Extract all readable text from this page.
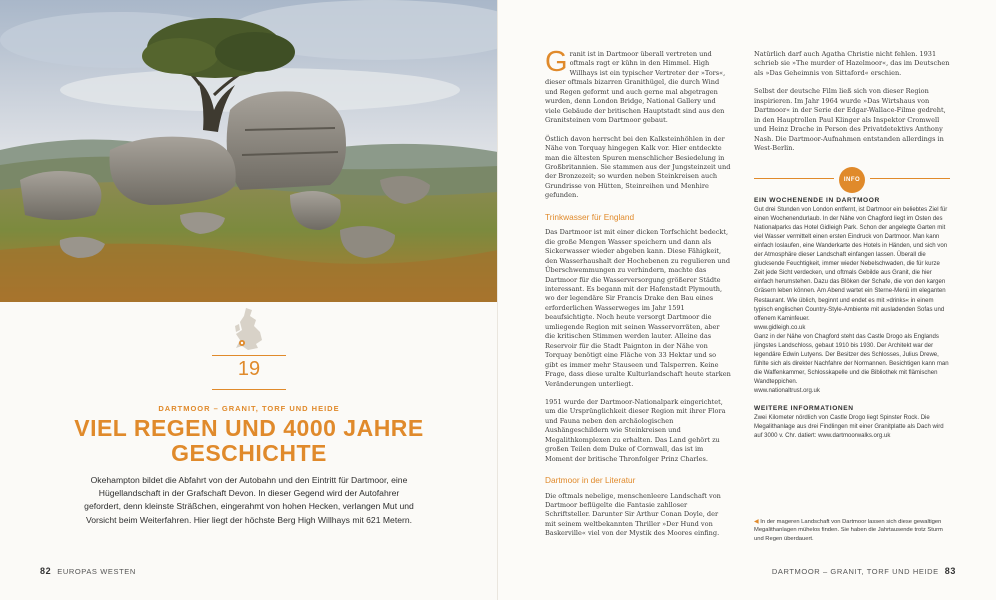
19
DARTMOOR – GRANIT, TORF UND HEIDE
VIEL REGEN UND 4000 JAHRE
GESCHICHTE

Okehampton bildet die Abfahrt von der Autobahn und den Eintritt für Dartmoor, eine Hügellandschaft in der Grafschaft Devon. In dieser Gegend wird der Autofahrer gefordert, denn kleinste Sträßchen, eingerahmt von hohen Hecken, verlangen Mut und Vorsicht beim Weiterfahren. Hier liegt der höchste Berg High Willhays mit 621 Metern.

82 EUROPAS WESTEN

Granit ist in Dartmoor überall vertreten und oftmals ragt er kühn in den Himmel. High Willhays ist ein typischer Vertreter der »Tors«, dieser oftmals bizarren Granithügel, die durch Wind und Regen geformt und auch gerne mal abgetragen wurden, denn London Bridge, National Gallery und viele Gebäude der britischen Hauptstadt sind aus den Granitsteinen vom Dartmoor gebaut.

Östlich davon herrscht bei den Kalksteinhöhlen in der Nähe von Torquay hingegen Kalk vor. Hier entdeckte man die ältesten Spuren menschlicher Besiedelung in Großbritannien. Sie stammen aus der Jungsteinzeit und der Bronzezeit; so wurden neben Steinkreisen auch Grundrisse von Hütten, Steinreihen und Menhire gefunden.

Trinkwasser für England

Das Dartmoor ist mit einer dicken Torfschicht bedeckt, die große Mengen Wasser speichern und dann als Sickerwasser wieder abgeben kann. Diese Fähigkeit, den Wasserhaushalt der Hochebenen zu regulieren und Überschwemmungen zu verhindern, machte das Dartmoor für die Wasserversorgung größerer Städte interessant. Es begann mit der Hafenstadt Plymouth, wo der legendäre Sir Francis Drake den Bau eines erforderlichen Wasserweges im Jahr 1591 beaufsichtigte. Noch heute versorgt Dartmoor die umliegende Region mit seinen Wasservorräten, aber die kritischen Stimmen werden lauter. Alleine das Reservoir für die Stadt Paignton in der Nähe von Torquay benötigt eine Fläche von 33 Hektar und so gibt es immer mehr Stauseen und Talsperren. Keine Frage, dass diese uralte Kulturlandschaft heute starken Veränderungen unterliegt.

1951 wurde der Dartmoor-Nationalpark eingerichtet, um die Ursprünglichkeit dieser Region mit ihrer Flora und Fauna neben den archäologischen Aushängeschildern wie Steinkreisen und Megalithkomplexen zu erhalten. Das Land gehört zu großen Teilen dem Duke of Cornwall, das ist im Moment der britische Thronfolger Prinz Charles.

Dartmoor in der Literatur

Die oftmals nebelige, menschenleere Landschaft von Dartmoor beflügelte die Fantasie zahlloser Schriftsteller. Darunter Sir Arthur Conan Doyle, der mit seinem weltbekannten Thriller »Der Hund von Baskerville« viel von der Mystik des Moores einfing.

Natürlich darf auch Agatha Christie nicht fehlen. 1931 schrieb sie »The murder of Hazelmoor«, das im Deutschen als »Das Geheimnis von Sittaford« erschien.

Selbst der deutsche Film ließ sich von dieser Region inspirieren. Im Jahr 1964 wurde »Das Wirtshaus von Dartmoor« in der Serie der Edgar-Wallace-Filme gedreht, in den Hauptrollen Paul Klinger als Inspektor Cromwell und Heinz Drache in Person des Privatdetektivs Anthony Nash. Die Dartmoor-Aufnahmen entstanden allerdings in West-Berlin.

INFO
EIN WOCHENENDE IN DARTMOOR

Gut drei Stunden von London entfernt, ist Dartmoor ein beliebtes Ziel für einen Wochenendurlaub. In der Nähe von Chagford liegt im Osten des Nationalparks das Hotel Gidleigh Park. Schon der angelegte Garten mit viel Wasser vermittelt einen ersten Eindruck von Dartmoor. Man kann einfach loslaufen, eine Wanderkarte des Hotels in Händen, und sich von der Atmosphäre dieser Landschaft einfangen lassen. Überall die glucksende Feuchtigkeit, immer wieder Nebelschwaden, die für kurze Zeit jede Sicht verdecken, und oftmals Gebilde aus Granit, die hier einfach herumstehen. Dazu das Blöken der Schafe, die von den kargen Gräsern leben können. Am Abend wartet ein Sterne-Menü im eleganten Restaurant. Wie üblich, beginnt und endet es mit »drinks« in einem typisch englischen Country-Style-Ambiente mit ausladenden Sofas und offenem Kaminfeuer.

www.gidleigh.co.uk

Ganz in der Nähe von Chagford steht das Castle Drogo als Englands jüngstes Landschloss, gebaut 1910 bis 1930. Der Architekt war der legendäre Edwin Lutyens. Der Besitzer des Schlosses, Julius Drewe, fühlte sich als direkter Nachfahre der Normannen. Besichtigen kann man die Waffenkammer, Schlosskapelle und die Bibliothek mit flämischen Wandteppichen.

www.nationaltrust.org.uk

WEITERE INFORMATIONEN

Zwei Kilometer nördlich von Castle Drogo liegt Spinster Rock. Die Megalithanlage aus drei Findlingen mit einer Granitplatte als Dach wird auf 3000 v. Chr. datiert: www.dartmoorwalks.org.uk

◀ In der mageren Landschaft von Dartmoor lassen sich diese gewaltigen Megalithanlagen mühelos finden. Sie haben die Jahrtausende trotz Sturm und Regen überdauert.
DARTMOOR – GRANIT, TORF UND HEIDE 83
